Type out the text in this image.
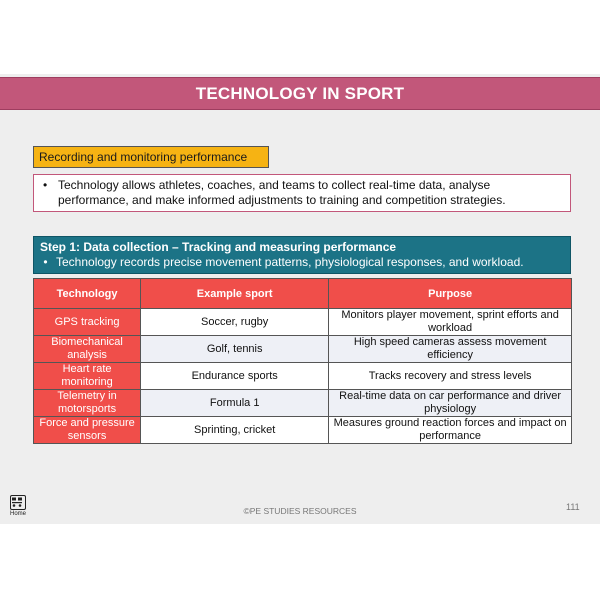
TECHNOLOGY IN SPORT
Recording and monitoring performance
• Technology allows athletes, coaches, and teams to collect real-time data, analyse performance, and make informed adjustments to training and competition strategies.
Step 1: Data collection – Tracking and measuring performance
• Technology records precise movement patterns, physiological responses, and workload.
Technology	Example sport	Purpose
GPS tracking	Soccer, rugby	Monitors player movement, sprint efforts and workload
Biomechanical analysis	Golf, tennis	High speed cameras assess movement efficiency
Heart rate monitoring	Endurance sports	Tracks recovery and stress levels
Telemetry in motorsports	Formula 1	Real-time data on car performance and driver physiology
Force and pressure sensors	Sprinting, cricket	Measures ground reaction forces and impact on performance
Home	©PE STUDIES RESOURCES	111
